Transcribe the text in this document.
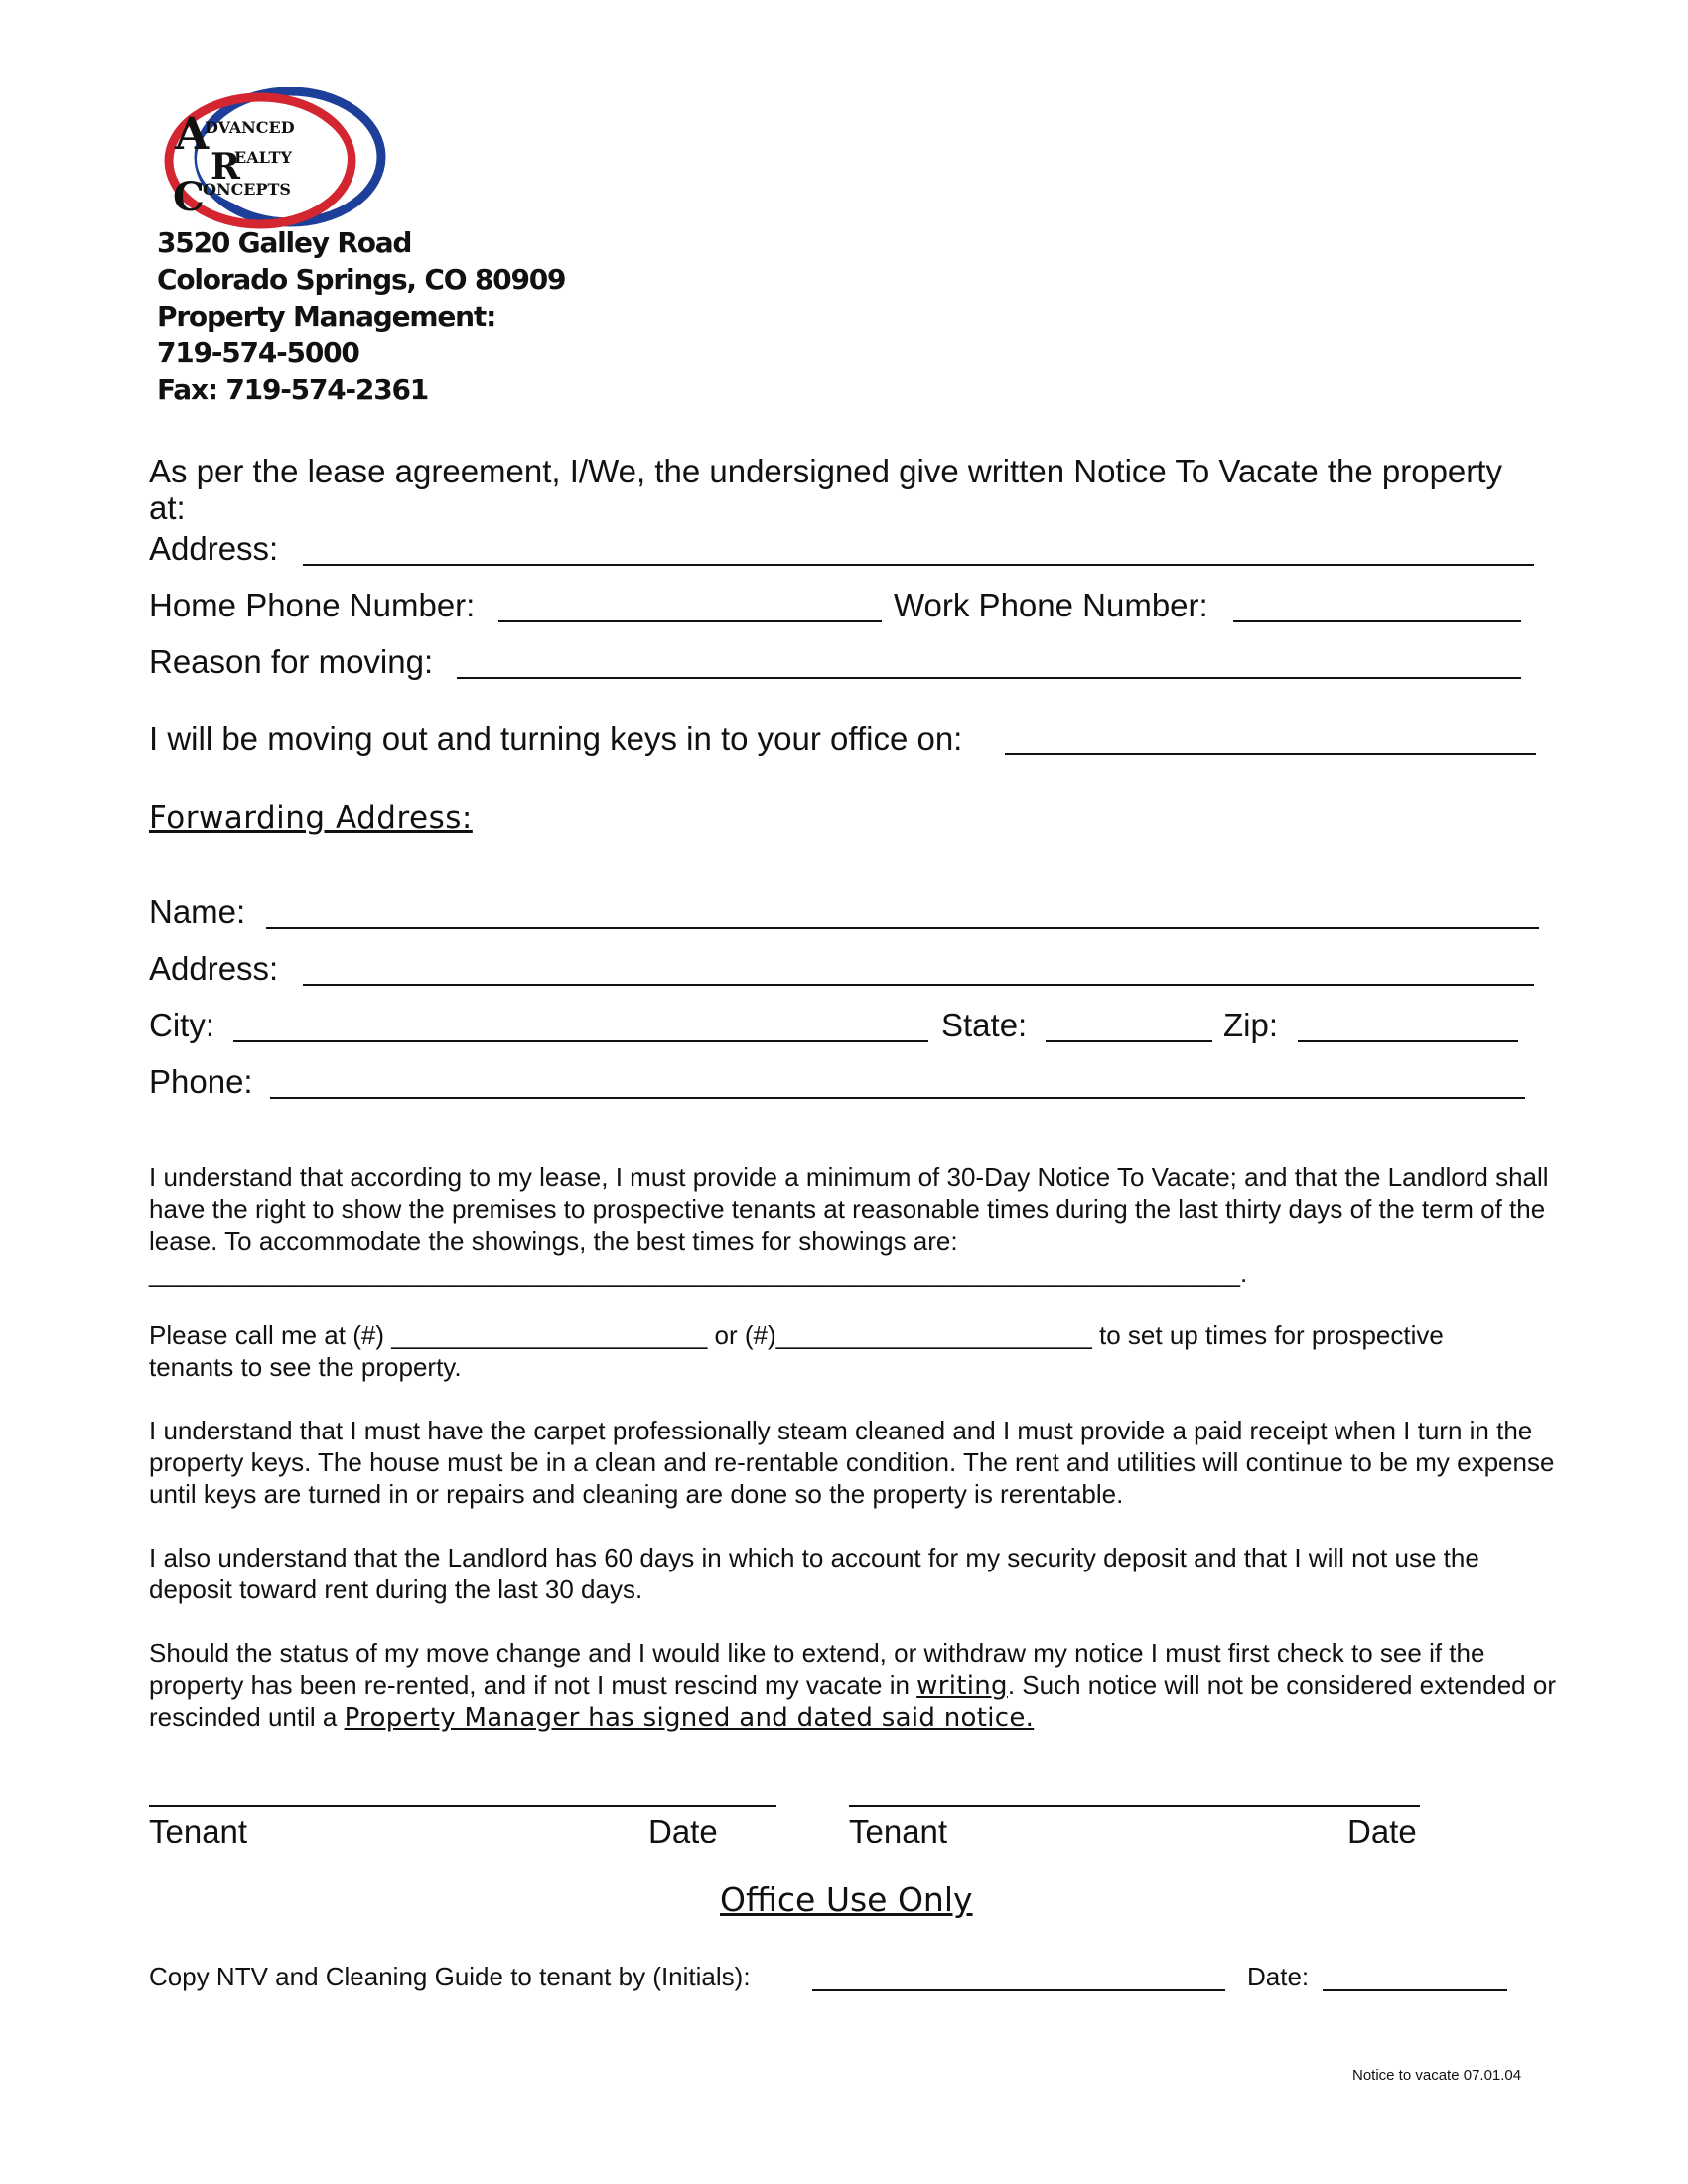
A
DVANCED
R
EALTY
C
ONCEPTS
3520 Galley Road
Colorado Springs, CO 80909
Property Management:
719-574-5000
Fax: 719-574-2361
As per the lease agreement, I/We, the undersigned give written Notice To Vacate the property at:
Address:
Home Phone Number:	Work Phone Number:
Reason for moving:
I will be moving out and turning keys in to your office on:
Forwarding Address:
Name:
Address:
City:	State:	Zip:
Phone:
I understand that according to my lease, I must provide a minimum of 30-Day Notice To Vacate; and that the Landlord shall have the right to show the premises to prospective tenants at reasonable times during the last thirty days of the term of the lease. To accommodate the showings, the best times for showings are:
____________________________________________________________________________.
Please call me at (#) ______________________ or (#)______________________ to set up times for prospective
tenants to see the property.
I understand that I must have the carpet professionally steam cleaned and I must provide a paid receipt when I turn in the property keys. The house must be in a clean and re-rentable condition. The rent and utilities will continue to be my expense until keys are turned in or repairs and cleaning are done so the property is rerentable.
I also understand that the Landlord has 60 days in which to account for my security deposit and that I will not use the deposit toward rent during the last 30 days.
Should the status of my move change and I would like to extend, or withdraw my notice I must first check to see if the property has been re-rented, and if not I must rescind my vacate in writing. Such notice will not be considered extended or rescinded until a Property Manager has signed and dated said notice.
Tenant	Date	Tenant	Date
Office Use Only
Copy NTV and Cleaning Guide to tenant by (Initials):	Date:
Notice to vacate 07.01.04
